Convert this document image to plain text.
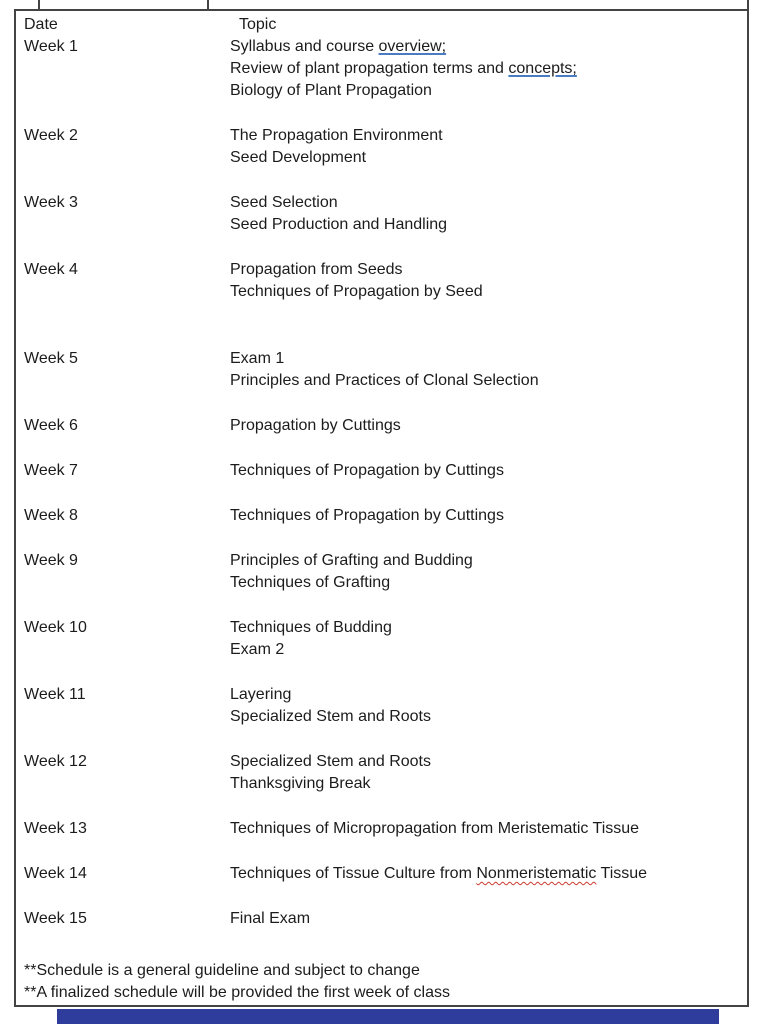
Date	Topic
Week 1	Syllabus and course overview;
Review of plant propagation terms and concepts;
Biology of Plant Propagation
Week 2	The Propagation Environment
Seed Development
Week 3	Seed Selection
Seed Production and Handling
Week 4	Propagation from Seeds
Techniques of Propagation by Seed
Week 5	Exam 1
Principles and Practices of Clonal Selection
Week 6	Propagation by Cuttings
Week 7	Techniques of Propagation by Cuttings
Week 8	Techniques of Propagation by Cuttings
Week 9	Principles of Grafting and Budding
Techniques of Grafting
Week 10	Techniques of Budding
Exam 2
Week 11	Layering
Specialized Stem and Roots
Week 12	Specialized Stem and Roots
Thanksgiving Break
Week 13	Techniques of Micropropagation from Meristematic Tissue
Week 14	Techniques of Tissue Culture from Nonmeristematic Tissue
Week 15	Final Exam
**Schedule is a general guideline and subject to change
**A finalized schedule will be provided the first week of class
